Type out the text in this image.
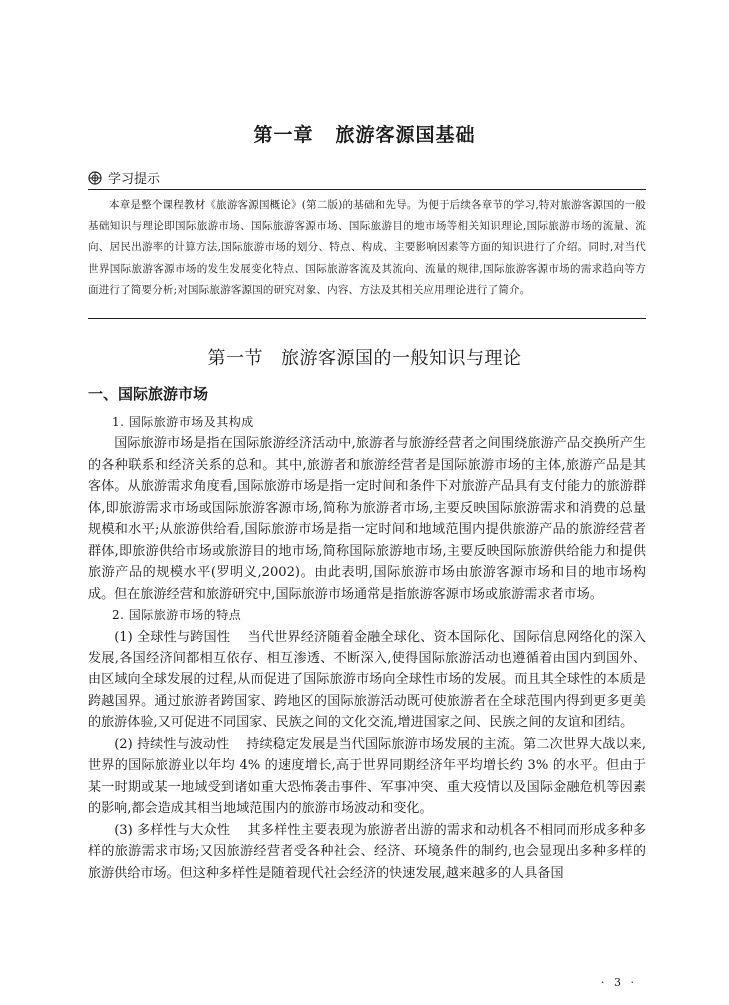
第一章 旅游客源国基础
学习提示
本章是整个课程教材《旅游客源国概论》(第二版)的基础和先导。为便于后续各章节的学习,特对旅游客源国的一般基础知识与理论即国际旅游市场、国际旅游客源市场、国际旅游目的地市场等相关知识理论,国际旅游市场的流量、流向、居民出游率的计算方法,国际旅游市场的划分、特点、构成、主要影响因素等方面的知识进行了介绍。同时,对当代世界国际旅游客源市场的发生发展变化特点、国际旅游客流及其流向、流量的规律,国际旅游客源市场的需求趋向等方面进行了简要分析;对国际旅游客源国的研究对象、内容、方法及其相关应用理论进行了简介。
第一节 旅游客源国的一般知识与理论
一、国际旅游市场

1. 国际旅游市场及其构成

国际旅游市场是指在国际旅游经济活动中,旅游者与旅游经营者之间围绕旅游产品交换所产生的各种联系和经济关系的总和。其中,旅游者和旅游经营者是国际旅游市场的主体,旅游产品是其客体。从旅游需求角度看,国际旅游市场是指一定时间和条件下对旅游产品具有支付能力的旅游群体,即旅游需求市场或国际旅游客源市场,简称为旅游者市场,主要反映国际旅游需求和消费的总量规模和水平;从旅游供给看,国际旅游市场是指一定时间和地域范围内提供旅游产品的旅游经营者群体,即旅游供给市场或旅游目的地市场,简称国际旅游地市场,主要反映国际旅游供给能力和提供旅游产品的规模水平(罗明义,2002)。由此表明,国际旅游市场由旅游客源市场和目的地市场构成。但在旅游经营和旅游研究中,国际旅游市场通常是指旅游客源市场或旅游需求者市场。

2. 国际旅游市场的特点

(1) 全球性与跨国性 当代世界经济随着金融全球化、资本国际化、国际信息网络化的深入发展,各国经济间都相互依存、相互渗透、不断深入,使得国际旅游活动也遵循着由国内到国外、由区域向全球发展的过程,从而促进了国际旅游市场向全球性市场的发展。而且其全球性的本质是跨越国界。通过旅游者跨国家、跨地区的国际旅游活动既可使旅游者在全球范围内得到更多更美的旅游体验,又可促进不同国家、民族之间的文化交流,增进国家之间、民族之间的友谊和团结。

(2) 持续性与波动性 持续稳定发展是当代国际旅游市场发展的主流。第二次世界大战以来,世界的国际旅游业以年均 4% 的速度增长,高于世界同期经济年平均增长约 3% 的水平。但由于某一时期或某一地域受到诸如重大恐怖袭击事件、军事冲突、重大疫情以及国际金融危机等因素的影响,都会造成其相当地域范围内的旅游市场波动和变化。

(3) 多样性与大众性 其多样性主要表现为旅游者出游的需求和动机各不相同而形成多种多样的旅游需求市场;又因旅游经营者受各种社会、经济、环境条件的制约,也会显现出多种多样的旅游供给市场。但这种多样性是随着现代社会经济的快速发展,越来越多的人具备国

· 3 ·
